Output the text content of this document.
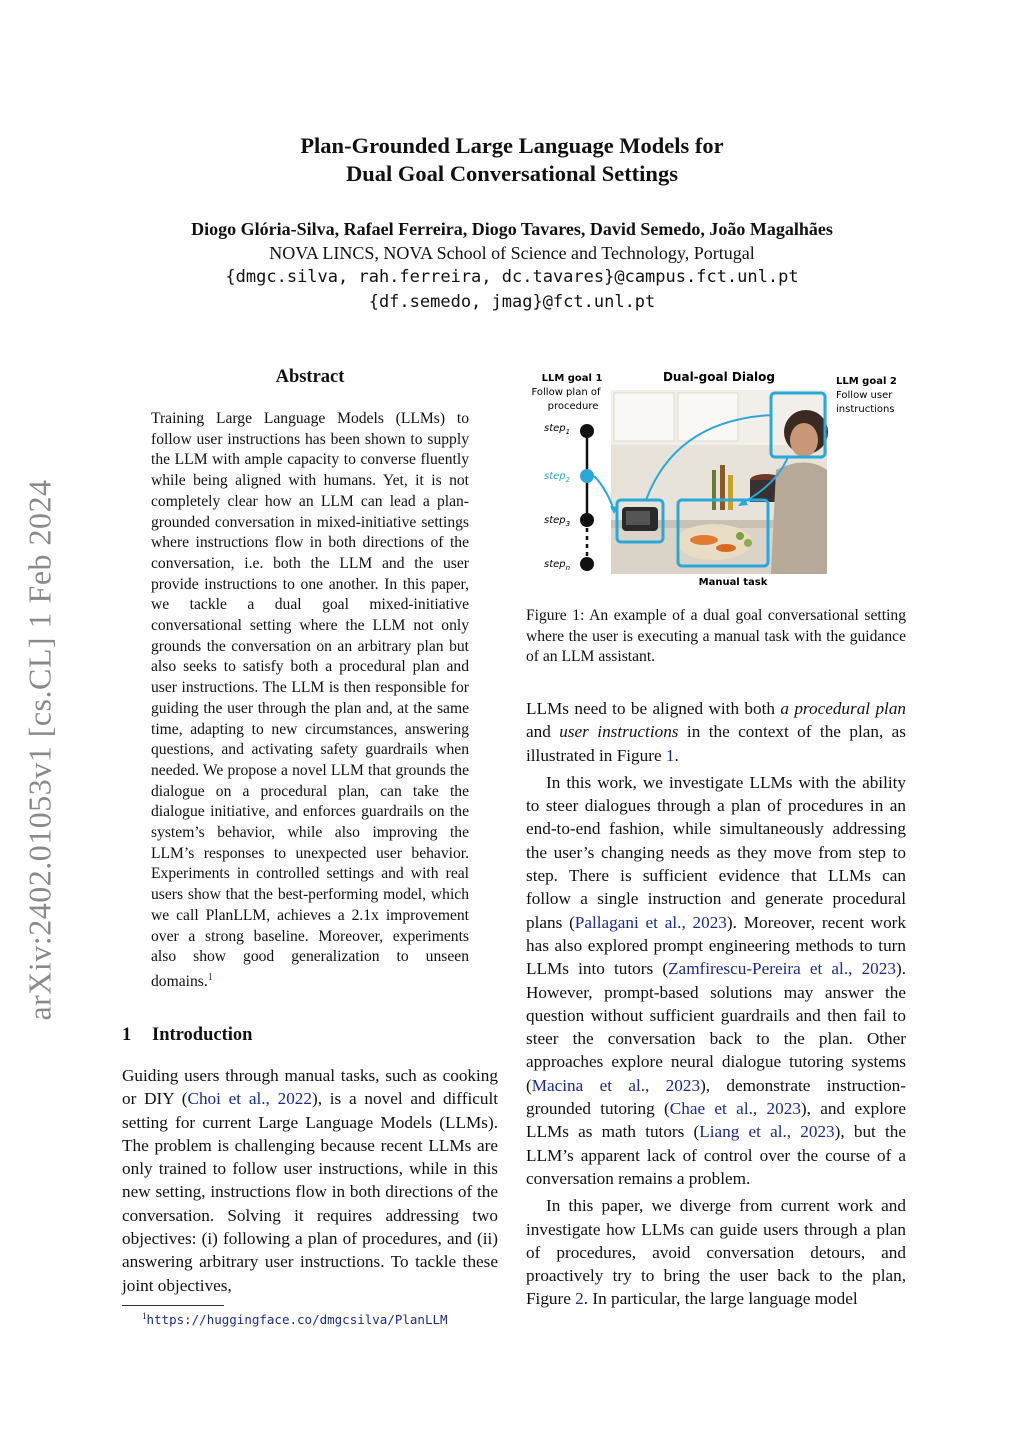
arXiv:2402.01053v1 [cs.CL] 1 Feb 2024
Plan-Grounded Large Language Models for
Dual Goal Conversational Settings
Diogo Glória-Silva, Rafael Ferreira, Diogo Tavares, David Semedo, João Magalhães
NOVA LINCS, NOVA School of Science and Technology, Portugal
{dmgc.silva, rah.ferreira, dc.tavares}@campus.fct.unl.pt
{df.semedo, jmag}@fct.unl.pt
Abstract
Training Large Language Models (LLMs) to follow user instructions has been shown to supply the LLM with ample capacity to converse fluently while being aligned with humans. Yet, it is not completely clear how an LLM can lead a plan-grounded conversation in mixed-initiative settings where instructions flow in both directions of the conversation, i.e. both the LLM and the user provide instructions to one another. In this paper, we tackle a dual goal mixed-initiative conversational setting where the LLM not only grounds the conversation on an arbitrary plan but also seeks to satisfy both a procedural plan and user instructions. The LLM is then responsible for guiding the user through the plan and, at the same time, adapting to new circumstances, answering questions, and activating safety guardrails when needed. We propose a novel LLM that grounds the dialogue on a procedural plan, can take the dialogue initiative, and enforces guardrails on the system’s behavior, while also improving the LLM’s responses to unexpected user behavior. Experiments in controlled settings and with real users show that the best-performing model, which we call PlanLLM, achieves a 2.1x improvement over a strong baseline. Moreover, experiments also show good generalization to unseen domains.$^1$
1 Introduction

Guiding users through manual tasks, such as cooking or DIY (Choi et al., 2022), is a novel and difficult setting for current Large Language Models (LLMs). The problem is challenging because recent LLMs are only trained to follow user instructions, while in this new setting, instructions flow in both directions of the conversation. Solving it requires addressing two objectives: (i) following a plan of procedures, and (ii) answering arbitrary user instructions. To tackle these joint objectives,

$^1$https://huggingface.co/dmgcsilva/PlanLLM
LLM goal 1
Follow plan of
procedure
Dual-goal Dialog	LLM goal 2
Follow user
instructions
step$_1$
step$_2$
step$_3$
step$_n$
Manual task
Figure 1: An example of a dual goal conversational setting where the user is executing a manual task with the guidance of an LLM assistant.

LLMs need to be aligned with both a procedural plan and user instructions in the context of the plan, as illustrated in Figure 1.

In this work, we investigate LLMs with the ability to steer dialogues through a plan of procedures in an end-to-end fashion, while simultaneously addressing the user’s changing needs as they move from step to step. There is sufficient evidence that LLMs can follow a single instruction and generate procedural plans (Pallagani et al., 2023). Moreover, recent work has also explored prompt engineering methods to turn LLMs into tutors (Zamfirescu-Pereira et al., 2023). However, prompt-based solutions may answer the question without sufficient guardrails and then fail to steer the conversation back to the plan. Other approaches explore neural dialogue tutoring systems (Macina et al., 2023), demonstrate instruction-grounded tutoring (Chae et al., 2023), and explore LLMs as math tutors (Liang et al., 2023), but the LLM’s apparent lack of control over the course of a conversation remains a problem.

In this paper, we diverge from current work and investigate how LLMs can guide users through a plan of procedures, avoid conversation detours, and proactively try to bring the user back to the plan, Figure 2. In particular, the large language model
